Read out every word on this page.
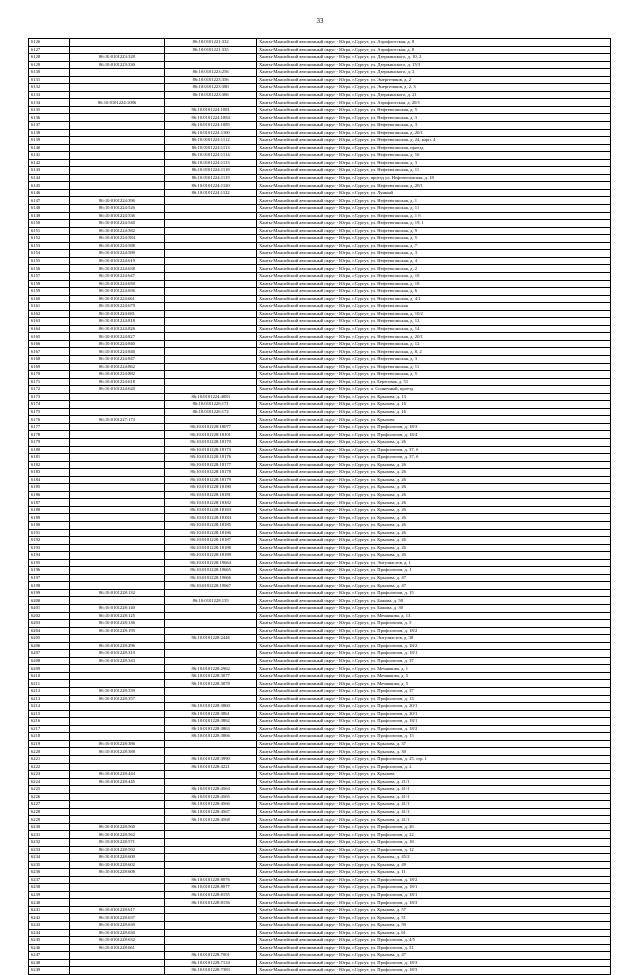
33
6126		86:10:0101221:332	Ханты-Мансийский автономный округ - Югра, г.Сургут, ул. Аэрофлотская, д. 8
6127		86:10:0101221:335	Ханты-Мансийский автономный округ - Югра, г.Сургут, ул. Аэрофлотская, д. 8
6128	86:10:0101223:328		Ханты-Мансийский автономный округ - Югра, г.Сургут, ул. Дзержинского, д. 10, 2
6129	86:10:0101223:330		Ханты-Мансийский автономный округ - Югра, г.Сургут, ул. Дзержинского, д. 15/3
6130		86:10:0101223:256	Ханты-Мансийский автономный округ - Югра, г.Сургут, ул. Дзержинского, д. 2
6131		86:10:0101223:356	Ханты-Мансийский автономный округ - Югра, г.Сургут, ул. Энергетиков, д. 2
6132		86:10:0101223:380	Ханты-Мансийский автономный округ - Югра, г.Сургут, ул. Энергетиков, д. 2, 3
6133		86:10:0101223:386	Ханты-Мансийский автономный округ - Югра, г.Сургут, ул. Дзержинского, д. 21
6134	86:10:0101224:1086		Ханты-Мансийский автономный округ - Югра, г.Сургут, ул. Аэрофлотская, д. 20/1
6135		86:10:0101224:1081	Ханты-Мансийский автономный округ - Югра, г.Сургут, ул. Нефтеюганская, д. 5
6136		86:10:0101224:1084	Ханты-Мансийский автономный округ - Югра, г.Сургут, ул. Нефтеюганская, д. 3
6137		86:10:0101224:1085	Ханты-Мансийский автономный округ - Югра, г.Сургут, ул. Нефтеюганская, д. 3
6138		86:10:0101224:1100	Ханты-Мансийский автономный округ - Югра, г.Сургут, ул. Нефтеюганская, д. 20/1
6139		86:10:0101224:1112	Ханты-Мансийский автономный округ - Югра, г.Сургут, ул. Нефтеюганская, д. 24, корп. 4
6140		86:10:0101224:1113	Ханты-Мансийский автономный округ - Югра, г.Сургут, ул. Нефтеюганская, проезд
6141		86:10:0101224:1114	Ханты-Мансийский автономный округ - Югра, г.Сургут, ул. Нефтеюганская, д. 16
6142		86:10:0101224:1115	Ханты-Мансийский автономный округ - Югра, г.Сургут, ул. Нефтеюганская, д. 3
6143		86:10:0101224:1118	Ханты-Мансийский автономный округ - Югра, г.Сургут, ул. Нефтеюганская, д. 11
6144		86:10:0101224:1119	Ханты-Мансийский автономный округ - Югра, г.Сургут, проезд ул. Нефтеюганская, д. 18
6145		86:10:0101224:1120	Ханты-Мансийский автономный округ - Югра, г.Сургут, ул. Нефтеюганская, д. 20/1
6146		86:10:0101224:1122	Ханты-Мансийский автономный округ - Югра, г.Сургут, ул. Лунный
6147	86:10:0101224:396		Ханты-Мансийский автономный округ - Югра, г.Сургут, ул. Нефтеюганская, д. 1
6148	86:10:0101224:526		Ханты-Мансийский автономный округ - Югра, г.Сургут, ул. Нефтеюганская, д. 11
6149	86:10:0101224:536		Ханты-Мансийский автономный округ - Югра, г.Сургут, ул. Нефтеюганская, д. 1 б
6150	86:10:0101224:540		Ханты-Мансийский автономный округ - Югра, г.Сургут, ул. Нефтеюганская, д. 19, 1
6151	86:10:0101224:582		Ханты-Мансийский автономный округ - Югра, г.Сургут, ул. Нефтеюганская, д. 9
6152	86:10:0101224:584		Ханты-Мансийский автономный округ - Югра, г.Сургут, ул. Нефтеюганская, д. 5
6153	86:10:0101224:588		Ханты-Мансийский автономный округ - Югра, г.Сургут, ул. Нефтеюганская, д. 7
6154	86:10:0101224:589		Ханты-Мансийский автономный округ - Югра, г.Сургут, ул. Нефтеюганская, д. 3
6155	86:10:0101224:619		Ханты-Мансийский автономный округ - Югра, г.Сургут, ул. Нефтеюганская, д. 4
6156	86:10:0101224:638		Ханты-Мансийский автономный округ - Югра, г.Сургут, ул. Нефтеюганская, д. 2
6157	86:10:0101224:647		Ханты-Мансийский автономный округ - Югра, г.Сургут, ул. Нефтеюганская, д. 18
6158	86:10:0101224:650		Ханты-Мансийский автономный округ - Югра, г.Сургут, ул. Нефтеюганская, д. 18
6159	86:10:0101224:656		Ханты-Мансийский автономный округ - Югра, г.Сургут, ул. Нефтеюганская, д. 6
6160	86:10:0101224:661		Ханты-Мансийский автономный округ - Югра, г.Сургут, ул. Нефтеюганская, д. 4/1
6161	86:10:0101224:679		Ханты-Мансийский автономный округ - Югра, г.Сургут, ул. Нефтеюганская
6162	86:10:0101224:681		Ханты-Мансийский автономный округ - Югра, г.Сургут, ул. Нефтеюганская, д. 10/2
6163	86:10:0101224:818		Ханты-Мансийский автономный округ - Югра, г.Сургут, ул. Нефтеюганская, д. 12
6164	86:10:0101224:826		Ханты-Мансийский автономный округ - Югра, г.Сургут, ул. Нефтеюганская, д. 14
6165	86:10:0101224:827		Ханты-Мансийский автономный округ - Югра, г.Сургут, ул. Нефтеюганская, д. 20/1
6166	86:10:0101224:840		Ханты-Мансийский автономный округ - Югра, г.Сургут, ул. Нефтеюганская, д. 12
6167	86:10:0101224:846		Ханты-Мансийский автономный округ - Югра, г.Сургут, ул. Нефтеюганская, д. 8, 2
6168	86:10:0101224:847		Ханты-Мансийский автономный округ - Югра, г.Сургут, ул. Нефтеюганская, д. 3
6169	86:10:0101224:862		Ханты-Мансийский автономный округ - Югра, г.Сургут, ул. Нефтеюганская, д. 11
6170	86:10:0101224:882		Ханты-Мансийский автономный округ - Югра, г.Сургут, ул. Нефтеюганская, д. 5
6171	86:10:0101224:618		Ханты-Мансийский автономный округ - Югра, г.Сургут, ул. Береговая, д. 51
6172	86:10:0101224:620		Ханты-Мансийский автономный округ - Югра, г.Сургут, п. Солнечный, проезд
6173		86:10:0101224:4083	Ханты-Мансийский автономный округ - Югра, г.Сургут, ул. Крылова, д. 13
6174		86:10:0101226:171	Ханты-Мансийский автономный округ - Югра, г.Сургут, ул. Крылова, д. 16
6175		86:10:0101226:172	Ханты-Мансийский автономный округ - Югра, г.Сургут, ул. Крылова, д. 16
6176	86:10:0101227:173		Ханты-Мансийский автономный округ - Югра, г.Сургут, ул. Крылова
6177		86:10:0101228:18077	Ханты-Мансийский автономный округ - Югра, г.Сургут, ул. Профсоюзов, д. 18/3
6178		86:10:0101228:18101	Ханты-Мансийский автономный округ - Югра, г.Сургут, ул. Профсоюзов, д. 18/4
6179		86:10:0101228:18170	Ханты-Мансийский автономный округ - Югра, г.Сургут, ул. Крылова, д. 26
6180		86:10:0101228:18173	Ханты-Мансийский автономный округ - Югра, г.Сургут, ул. Профсоюзов, д. 37, б
6181		86:10:0101228:18176	Ханты-Мансийский автономный округ - Югра, г.Сургут, ул. Профсоюзов, д. 37, б
6182		86:10:0101228:18177	Ханты-Мансийский автономный округ - Югра, г.Сургут, ул. Крылова, д. 26
6183		86:10:0101228:18178	Ханты-Мансийский автономный округ - Югра, г.Сургут, ул. Крылова, д. 26
6184		86:10:0101228:18179	Ханты-Мансийский автономный округ - Югра, г.Сургут, ул. Крылова, д. 26
6185		86:10:0101228:18180	Ханты-Мансийский автономный округ - Югра, г.Сургут, ул. Крылова, д. 26
6186		86:10:0101228:18181	Ханты-Мансийский автономный округ - Югра, г.Сургут, ул. Крылова, д. 26
6187		86:10:0101228:18182	Ханты-Мансийский автономный округ - Югра, г.Сургут, ул. Крылова, д. 26
6188		86:10:0101228:18183	Ханты-Мансийский автономный округ - Югра, г.Сургут, ул. Крылова, д. 26
6189		86:10:0101228:18184	Ханты-Мансийский автономный округ - Югра, г.Сургут, ул. Крылова, д. 26
6190		86:10:0101228:18185	Ханты-Мансийский автономный округ - Югра, г.Сургут, ул. Крылова, д. 26
6191		86:10:0101228:18186	Ханты-Мансийский автономный округ - Югра, г.Сургут, ул. Крылова, д. 26
6192		86:10:0101228:18187	Ханты-Мансийский автономный округ - Югра, г.Сургут, ул. Крылова, д. 26
6193		86:10:0101228:18188	Ханты-Мансийский автономный округ - Югра, г.Сургут, ул. Крылова, д. 26
6194		86:10:0101228:18189	Ханты-Мансийский автономный округ - Югра, г.Сургут, ул. Крылова, д. 26
6195		86:10:0101228:19664	Ханты-Мансийский автономный округ - Югра, г.Сургут, ул. Энтузиастов, д. 1
6196		86:10:0101228:19665	Ханты-Мансийский автономный округ - Югра, г.Сургут, ул. Профсоюзов, д. 1
6197		86:10:0101228:19666	Ханты-Мансийский автономный округ - Югра, г.Сургут, ул. Крылова, д. 47
6198		86:10:0101228:19667	Ханты-Мансийский автономный округ - Югра, г.Сургут, ул. Крылова, д. 47
6199	86:10:0101228:132		Ханты-Мансийский автономный округ - Югра, г.Сургут, ул. Профсоюзов, д. 15
6200		86:10:0101228:135	Ханты-Мансийский автономный округ - Югра, г.Сургут, ул. Бажова, д. 58
6201	86:10:0101228:140		Ханты-Мансийский автономный округ - Югра, г.Сургут, ул. Бажова, д. 30
6202	86:10:0101228:125		Ханты-Мансийский автономный округ - Югра, г.Сургут, ул. Мечникова, д. 13
6203	86:10:0101228:136		Ханты-Мансийский автономный округ - Югра, г.Сургут, ул. Профсоюзов, д. 5
6204	86:10:0101228:195		Ханты-Мансийский автономный округ - Югра, г.Сургут, ул. Профсоюзов, д. 18/2
6205		86:10:0101228:2446	Ханты-Мансийский автономный округ - Югра, г.Сургут, ул. Энтузиастов, д. 38
6206	86:10:0101228:296		Ханты-Мансийский автономный округ - Югра, г.Сургут, ул. Профсоюзов, д. 18/2
6207	86:10:0101228:319		Ханты-Мансийский автономный округ - Югра, г.Сургут, ул. Профсоюзов, д. 18/1
6208	86:10:0101228:343		Ханты-Мансийский автономный округ - Югра, г.Сургут, ул. Профсоюзов, д. 37
6209		86:10:0101228:2962	Ханты-Мансийский автономный округ - Югра, г.Сургут, ул. Мечникова, д. 1
6210		86:10:0101228:3077	Ханты-Мансийский автономный округ - Югра, г.Сургут, ул. Мечникова, д. 5
6211		86:10:0101228:3078	Ханты-Мансийский автономный округ - Югра, г.Сургут, ул. Мечникова, д. 5
6212	86:10:0101228:339		Ханты-Мансийский автономный округ - Югра, г.Сургут, ул. Профсоюзов, д. 37
6213	86:10:0101228:357		Ханты-Мансийский автономный округ - Югра, г.Сургут, ул. Профсоюзов, д. 13
6214		86:10:0101228:3860	Ханты-Мансийский автономный округ - Югра, г.Сургут, ул. Профсоюзов, д. 20/1
6215		86:10:0101228:3861	Ханты-Мансийский автономный округ - Югра, г.Сургут, ул. Профсоюзов, д. 20/1
6216		86:10:0101228:3862	Ханты-Мансийский автономный округ - Югра, г.Сургут, ул. Профсоюзов, д. 18/1
6217		86:10:0101228:3863	Ханты-Мансийский автономный округ - Югра, г.Сургут, ул. Профсоюзов, д. 18/2
6218		86:10:0101228:3866	Ханты-Мансийский автономный округ - Югра, г.Сургут, ул. Профсоюзов, д. 15
6219	86:10:0101228:386		Ханты-Мансийский автономный округ - Югра, г.Сургут, ул. Крылова, д. 37
6220	86:10:0101228:388		Ханты-Мансийский автономный округ - Югра, г.Сургут, ул. Крылова, д. 30
6221		86:10:0101228:3990	Ханты-Мансийский автономный округ - Югра, г.Сургут, ул. Профсоюзов, д. 25, стр. 1
6222		86:10:0101228:4221	Ханты-Мансийский автономный округ - Югра, г.Сургут, ул. Профсоюзов, д. 2
6223	86:10:0101228:444		Ханты-Мансийский автономный округ - Югра, г.Сургут, ул. Крылова
6224	86:10:0101228:445		Ханты-Мансийский автономный округ - Югра, г.Сургут, ул. Крылова, д. 21/1
6225		86:10:0101228:4564	Ханты-Мансийский автономный округ - Югра, г.Сургут, ул. Крылова, д. 41/1
6226		86:10:0101228:4565	Ханты-Мансийский автономный округ - Югра, г.Сургут, ул. Крылова, д. 41/1
6227		86:10:0101228:4566	Ханты-Мансийский автономный округ - Югра, г.Сургут, ул. Крылова, д. 41/1
6228		86:10:0101228:4567	Ханты-Мансийский автономный округ - Югра, г.Сургут, ул. Крылова, д. 41/1
6229		86:10:0101228:4568	Ханты-Мансийский автономный округ - Югра, г.Сургут, ул. Крылова, д. 41/1
6230	86:10:0101228:560		Ханты-Мансийский автономный округ - Югра, г.Сургут, ул. Профсоюзов, д. 26
6231	86:10:0101228:562		Ханты-Мансийский автономный округ - Югра, г.Сургут, ул. Профсоюзов, д. 22
6232	86:10:0101228:571		Ханты-Мансийский автономный округ - Югра, г.Сургут, ул. Профсоюзов, д. 18
6233	86:10:0101228:592		Ханты-Мансийский автономный округ - Югра, г.Сургут, ул. Профсоюзов, д. 12
6234	86:10:0101228:600		Ханты-Мансийский автономный округ - Югра, г.Сургут, ул. Крылова, д. 45/2
6235	86:10:0101228:602		Ханты-Мансийский автономный округ - Югра, г.Сургут, ул. Крылова, д. 49
6236	86:10:0101228:608		Ханты-Мансийский автономный округ - Югра, г.Сургут, ул. Крылова, д. 11
6237		86:10:0101228:8076	Ханты-Мансийский автономный округ - Югра, г.Сургут, ул. Профсоюзов, д. 18/2
6238		86:10:0101228:8077	Ханты-Мансийский автономный округ - Югра, г.Сургут, ул. Профсоюзов, д. 18/1
6239		86:10:0101228:8155	Ханты-Мансийский автономный округ - Югра, г.Сургут, ул. Профсоюзов, д. 18/1
6240		86:10:0101228:8156	Ханты-Мансийский автономный округ - Югра, г.Сургут, ул. Профсоюзов, д. 18/3
6241	86:10:0101228:617		Ханты-Мансийский автономный округ - Югра, г.Сургут, ул. Крылова, д. 57
6242	86:10:0101228:637		Ханты-Мансийский автономный округ - Югра, г.Сургут, ул. Крылова, д. 51
6243	86:10:0101228:639		Ханты-Мансийский автономный округ - Югра, г.Сургут, ул. Крылова, д. 59
6244	86:10:0101228:630		Ханты-Мансийский автономный округ - Югра, г.Сургут, ул. Крылова, д. 61
6245	86:10:0101228:632		Ханты-Мансийский автономный округ - Югра, г.Сургут, ул. Профсоюзов, д. 4/5
6246	86:10:0101228:661		Ханты-Мансийский автономный округ - Югра, г.Сургут, ул. Профсоюзов, д. 51
6247		86:10:0101228:7001	Ханты-Мансийский автономный округ - Югра, г.Сургут, ул. Крылова, д. 47
6248		86:10:0101228:7134	Ханты-Мансийский автономный округ - Югра, г.Сургут, ул. Профсоюзов, д. 18/3
6249		86:10:0101228:7383	Ханты-Мансийский автономный округ - Югра, г.Сургут, ул. Профсоюзов, д. 18/3
